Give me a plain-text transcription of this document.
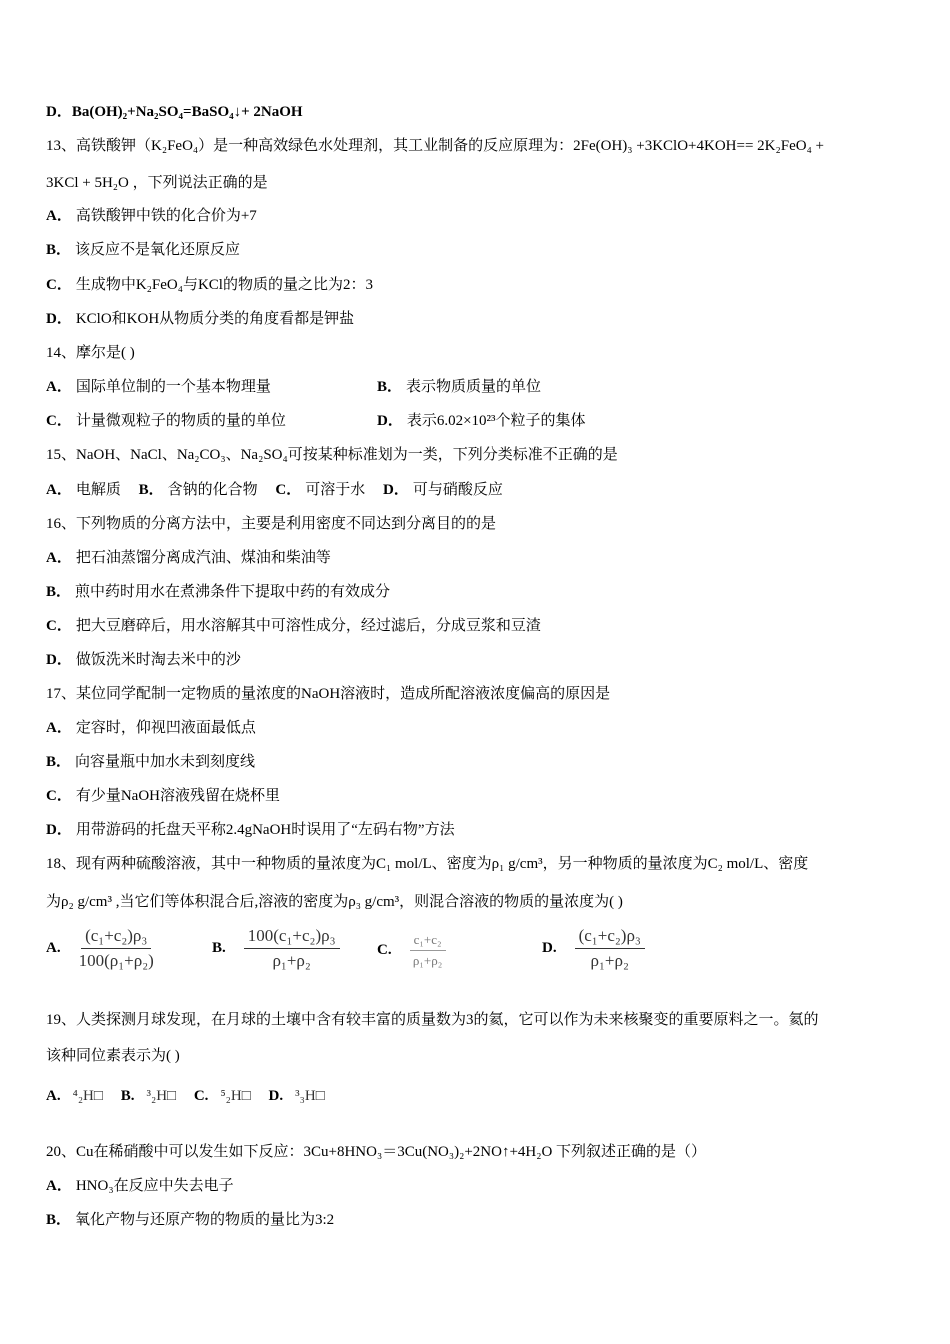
D．Ba(OH)₂+Na₂SO₄=BaSO₄↓+ 2NaOH
13、高铁酸钾（K₂FeO₄）是一种高效绿色水处理剂，其工业制备的反应原理为：2Fe(OH)₃ +3KClO+4KOH== 2K₂FeO₄ +
3KCl + 5H₂O ，下列说法正确的是
A． 高铁酸钾中铁的化合价为+7
B． 该反应不是氧化还原反应
C． 生成物中K₂FeO₄与KCl的物质的量之比为2：3
D． KClO和KOH从物质分类的角度看都是钾盐
14、摩尔是( )
A． 国际单位制的一个基本物理量	B． 表示物质质量的单位
C． 计量微观粒子的物质的量的单位	D． 表示6.02×10²³个粒子的集体
15、NaOH、NaCl、Na₂CO₃、Na₂SO₄可按某种标准划为一类，下列分类标准不正确的是
A． 电解质 B． 含钠的化合物 C． 可溶于水 D． 可与硝酸反应
16、下列物质的分离方法中，主要是利用密度不同达到分离目的的是
A． 把石油蒸馏分离成汽油、煤油和柴油等
B． 煎中药时用水在煮沸条件下提取中药的有效成分
C． 把大豆磨碎后，用水溶解其中可溶性成分，经过滤后，分成豆浆和豆渣
D． 做饭洗米时淘去米中的沙
17、某位同学配制一定物质的量浓度的NaOH溶液时，造成所配溶液浓度偏高的原因是
A． 定容时，仰视凹液面最低点
B． 向容量瓶中加水未到刻度线
C． 有少量NaOH溶液残留在烧杯里
D． 用带游码的托盘天平称2.4gNaOH时误用了“左码右物”方法
18、现有两种硫酸溶液，其中一种物质的量浓度为C₁ mol/L、密度为ρ₁ g/cm³，另一种物质的量浓度为C₂ mol/L、密度
为ρ₂ g/cm³ ,当它们等体积混合后,溶液的密度为ρ₃ g/cm³，则混合溶液的物质的量浓度为( )
A. $\frac{\text{(c₁+c₂)ρ₃}}{\text{100(ρ₁+ρ₂)}}$	B. $\frac{\text{100(c₁+c₂)ρ₃}}{\text{ρ₁+ρ₂}} C$. $\frac{\text{c₁+c₂}}{\text{ρ₁+ρ₂}}$	D. $\frac{\text{(c₁+c₂)ρ₃}}{\text{ρ₁+ρ₂}}$
19、人类探测月球发现，在月球的土壤中含有较丰富的质量数为3的氦，它可以作为未来核聚变的重要原料之一。氦的
该种同位素表示为( )
A. ⁴₂H□ B. ³₂H□ C. ⁵₂H□ D. ³₃H□
20、Cu在稀硝酸中可以发生如下反应：3Cu+8HNO₃＝3Cu(NO₃)₂+2NO↑+4H₂O 下列叙述正确的是（）
A． HNO₃在反应中失去电子
B． 氧化产物与还原产物的物质的量比为3:2
